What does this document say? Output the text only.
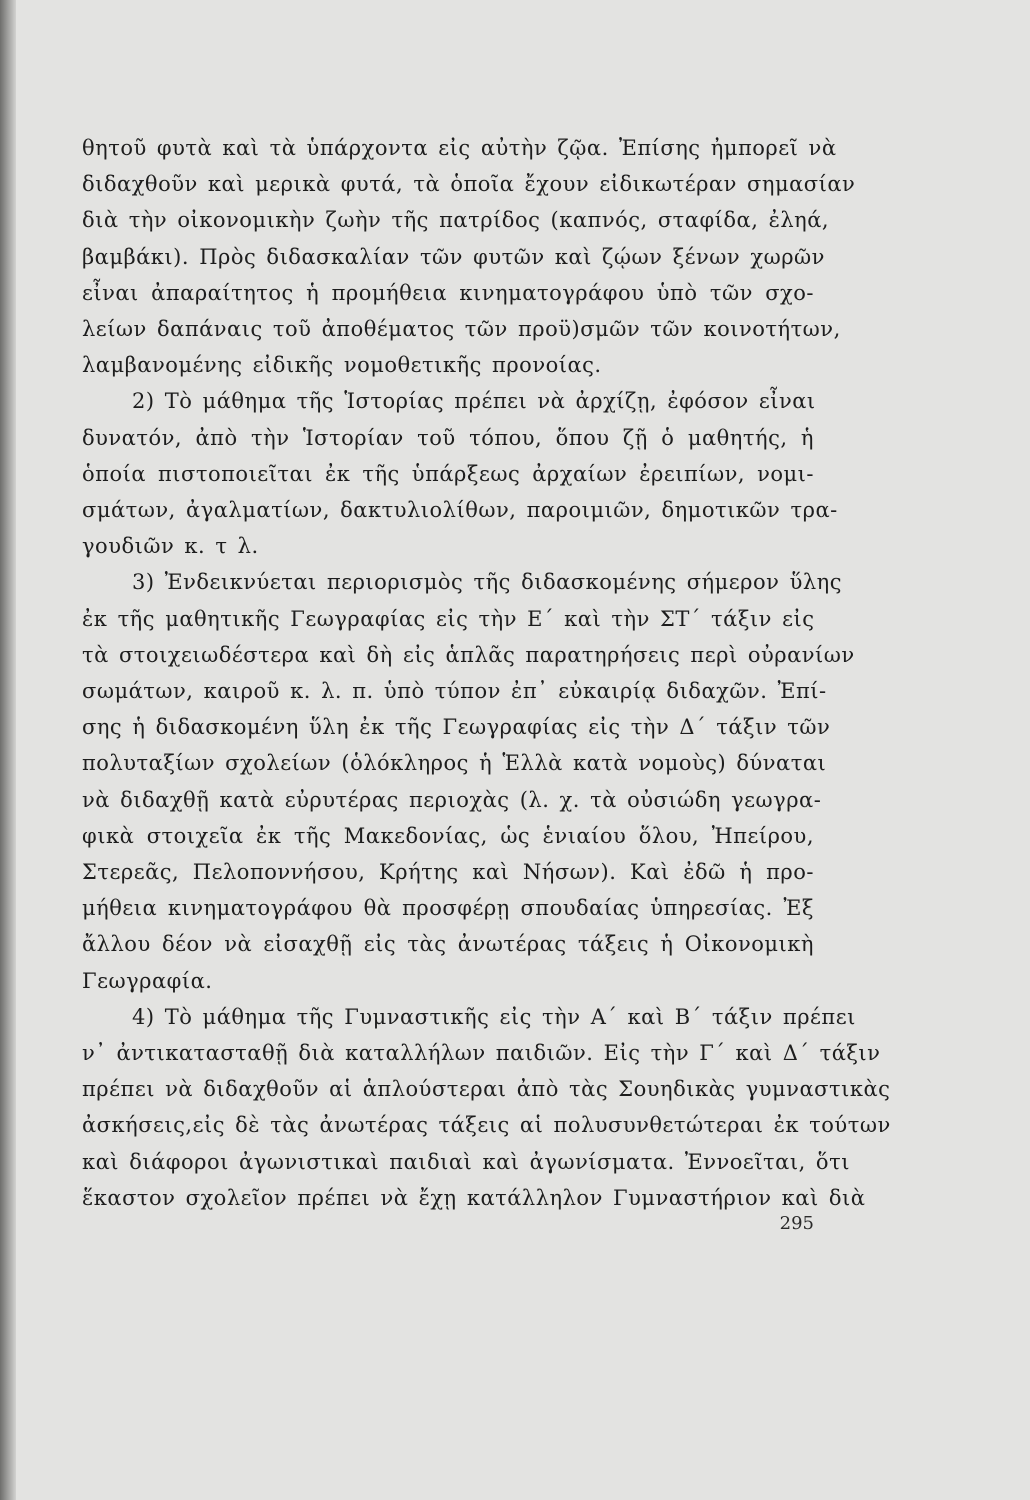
θητοῦ φυτὰ καὶ τὰ ὑπάρχοντα εἰς αὐτὴν ζῷα. Ἐπίσης ἠμπορεῖ νὰ
διδαχθοῦν καὶ μερικὰ φυτά, τὰ ὁποῖα ἔχουν εἰδικωτέραν σημασίαν
διὰ τὴν οἰκονομικὴν ζωὴν τῆς πατρίδος (καπνός, σταφίδα, ἐληά,
βαμβάκι). Πρὸς διδασκαλίαν τῶν φυτῶν καὶ ζῴων ξένων χωρῶν
εἶναι ἀπαραίτητος ἡ προμήθεια κινηματογράφου ὑπὸ τῶν σχο-
λείων δαπάναις τοῦ ἀποθέματος τῶν προϋ)σμῶν τῶν κοινοτήτων,
λαμβανομένης εἰδικῆς νομοθετικῆς προνοίας.
2) Τὸ μάθημα τῆς Ἱστορίας πρέπει νὰ ἀρχίζῃ, ἐφόσον εἶναι
δυνατόν, ἀπὸ τὴν Ἱστορίαν τοῦ τόπου, ὅπου ζῇ ὁ μαθητής, ἡ
ὁποία πιστοποιεῖται ἐκ τῆς ὑπάρξεως ἀρχαίων ἐρειπίων, νομι-
σμάτων, ἀγαλματίων, δακτυλιολίθων, παροιμιῶν, δημοτικῶν τρα-
γουδιῶν κ. τ λ.
3) Ἐνδεικνύεται περιορισμὸς τῆς διδασκομένης σήμερον ὕλης
ἐκ τῆς μαθητικῆς Γεωγραφίας εἰς τὴν Ε΄ καὶ τὴν ΣΤ΄ τάξιν εἰς
τὰ στοιχειωδέστερα καὶ δὴ εἰς ἁπλᾶς παρατηρήσεις περὶ οὐρανίων
σωμάτων, καιροῦ κ. λ. π. ὑπὸ τύπον ἐπ᾿ εὐκαιρίᾳ διδαχῶν. Ἐπί-
σης ἡ διδασκομένη ὕλη ἐκ τῆς Γεωγραφίας εἰς τὴν Δ΄ τάξιν τῶν
πολυταξίων σχολείων (ὁλόκληρος ἡ Ἑλλὰ κατὰ νομοὺς) δύναται
νὰ διδαχθῇ κατὰ εὐρυτέρας περιοχὰς (λ. χ. τὰ οὐσιώδη γεωγρα-
φικὰ στοιχεῖα ἐκ τῆς Μακεδονίας, ὡς ἑνιαίου ὅλου, Ἠπείρου,
Στερεᾶς, Πελοποννήσου, Κρήτης καὶ Νήσων). Καὶ ἐδῶ ἡ προ-
μήθεια κινηματογράφου θὰ προσφέρῃ σπουδαίας ὑπηρεσίας. Ἐξ
ἄλλου δέον νὰ εἰσαχθῇ εἰς τὰς ἀνωτέρας τάξεις ἡ Οἰκονομικὴ
Γεωγραφία.
4) Τὸ μάθημα τῆς Γυμναστικῆς εἰς τὴν Α΄ καὶ Β΄ τάξιν πρέπει
ν᾿ ἀντικατασταθῇ διὰ καταλλήλων παιδιῶν. Εἰς τὴν Γ΄ καὶ Δ΄ τάξιν
πρέπει νὰ διδαχθοῦν αἱ ἁπλούστεραι ἀπὸ τὰς Σουηδικὰς γυμναστικὰς
ἀσκήσεις,εἰς δὲ τὰς ἀνωτέρας τάξεις αἱ πολυσυνθετώτεραι ἐκ τούτων
καὶ διάφοροι ἀγωνιστικαὶ παιδιαὶ καὶ ἀγωνίσματα. Ἐννοεῖται, ὅτι
ἕκαστον σχολεῖον πρέπει νὰ ἔχῃ κατάλληλον Γυμναστήριον καὶ διὰ
295
